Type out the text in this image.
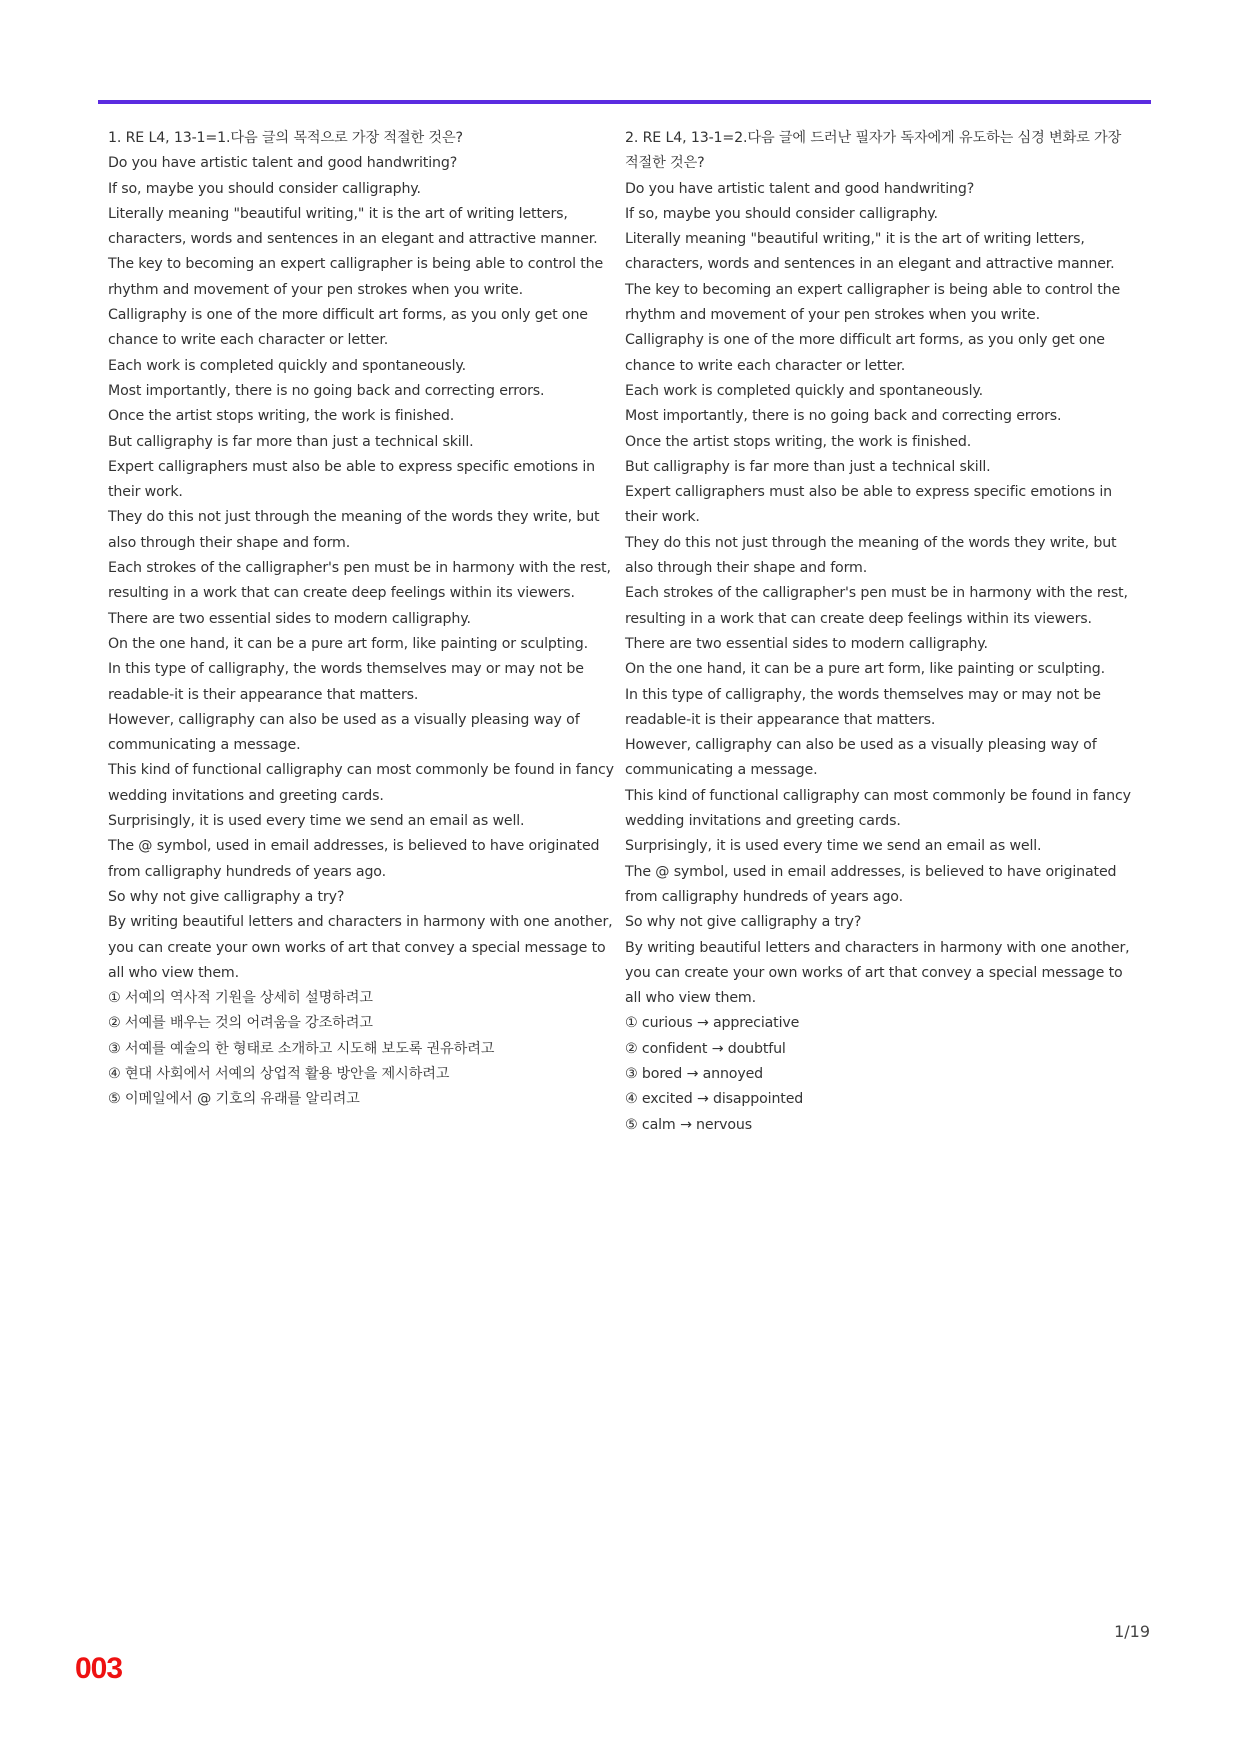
1. RE L4, 13-1=1.다음 글의 목적으로 가장 적절한 것은?

Do you have artistic talent and good handwriting?

If so, maybe you should consider calligraphy.

Literally meaning "beautiful writing," it is the art of writing letters, characters, words and sentences in an elegant and attractive manner.

The key to becoming an expert calligrapher is being able to control the rhythm and movement of your pen strokes when you write.

Calligraphy is one of the more difficult art forms, as you only get one chance to write each character or letter.

Each work is completed quickly and spontaneously.

Most importantly, there is no going back and correcting errors.

Once the artist stops writing, the work is finished.

But calligraphy is far more than just a technical skill.

Expert calligraphers must also be able to express specific emotions in their work.

They do this not just through the meaning of the words they write, but also through their shape and form.

Each strokes of the calligrapher's pen must be in harmony with the rest, resulting in a work that can create deep feelings within its viewers.

There are two essential sides to modern calligraphy.

On the one hand, it can be a pure art form, like painting or sculpting.

In this type of calligraphy, the words themselves may or may not be readable-it is their appearance that matters.

However, calligraphy can also be used as a visually pleasing way of communicating a message.

This kind of functional calligraphy can most commonly be found in fancy wedding invitations and greeting cards.

Surprisingly, it is used every time we send an email as well.

The @ symbol, used in email addresses, is believed to have originated from calligraphy hundreds of years ago.

So why not give calligraphy a try?

By writing beautiful letters and characters in harmony with one another, you can create your own works of art that convey a special message to all who view them.

① 서예의 역사적 기원을 상세히 설명하려고

② 서예를 배우는 것의 어려움을 강조하려고

③ 서예를 예술의 한 형태로 소개하고 시도해 보도록 권유하려고

④ 현대 사회에서 서예의 상업적 활용 방안을 제시하려고

⑤ 이메일에서 @ 기호의 유래를 알리려고

2. RE L4, 13-1=2.다음 글에 드러난 필자가 독자에게 유도하는 심경 변화로 가장 적절한 것은?

Do you have artistic talent and good handwriting?

If so, maybe you should consider calligraphy.

Literally meaning "beautiful writing," it is the art of writing letters, characters, words and sentences in an elegant and attractive manner.

The key to becoming an expert calligrapher is being able to control the rhythm and movement of your pen strokes when you write.

Calligraphy is one of the more difficult art forms, as you only get one chance to write each character or letter.

Each work is completed quickly and spontaneously.

Most importantly, there is no going back and correcting errors.

Once the artist stops writing, the work is finished.

But calligraphy is far more than just a technical skill.

Expert calligraphers must also be able to express specific emotions in their work.

They do this not just through the meaning of the words they write, but also through their shape and form.

Each strokes of the calligrapher's pen must be in harmony with the rest, resulting in a work that can create deep feelings within its viewers.

There are two essential sides to modern calligraphy.

On the one hand, it can be a pure art form, like painting or sculpting.

In this type of calligraphy, the words themselves may or may not be readable-it is their appearance that matters.

However, calligraphy can also be used as a visually pleasing way of communicating a message.

This kind of functional calligraphy can most commonly be found in fancy wedding invitations and greeting cards.

Surprisingly, it is used every time we send an email as well.

The @ symbol, used in email addresses, is believed to have originated from calligraphy hundreds of years ago.

So why not give calligraphy a try?

By writing beautiful letters and characters in harmony with one another, you can create your own works of art that convey a special message to all who view them.

① curious → appreciative

② confident → doubtful

③ bored → annoyed

④ excited → disappointed

⑤ calm → nervous

1/19
003
